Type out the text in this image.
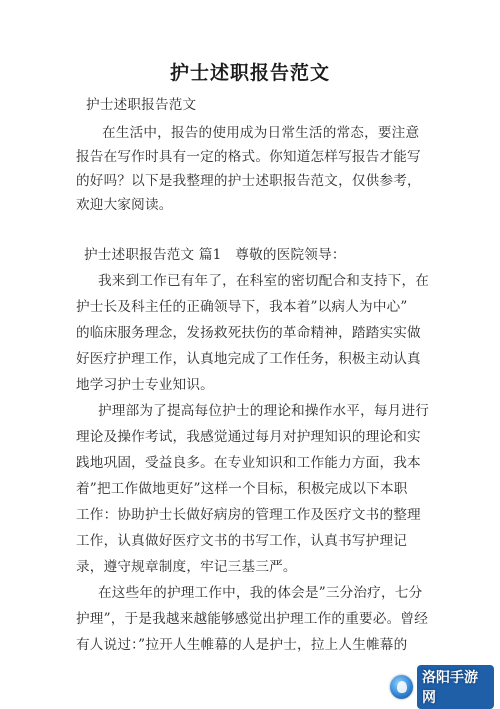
护士述职报告范文
护士述职报告范文
在生活中，报告的使用成为日常生活的常态，要注意
报告在写作时具有一定的格式。你知道怎样写报告才能写
的好吗？以下是我整理的护士述职报告范文，仅供参考，
欢迎大家阅读。
护士述职报告范文 篇1　尊敬的医院领导：
我来到工作已有年了，在科室的密切配合和支持下，在
护士长及科主任的正确领导下，我本着”以病人为中心”
的临床服务理念，发扬救死扶伤的革命精神，踏踏实实做
好医疗护理工作，认真地完成了工作任务，积极主动认真
地学习护士专业知识。
护理部为了提高每位护士的理论和操作水平，每月进行
理论及操作考试，我感觉通过每月对护理知识的理论和实
践地巩固，受益良多。在专业知识和工作能力方面，我本
着”把工作做地更好”这样一个目标，积极完成以下本职
工作：协助护士长做好病房的管理工作及医疗文书的整理
工作，认真做好医疗文书的书写工作，认真书写护理记
录，遵守规章制度，牢记三基三严。
在这些年的护理工作中，我的体会是”三分治疗，七分
护理”，于是我越来越能够感觉出护理工作的重要必。曾经
有人说过：”拉开人生帷幕的人是护士，拉上人生帷幕的
洛阳手游网
